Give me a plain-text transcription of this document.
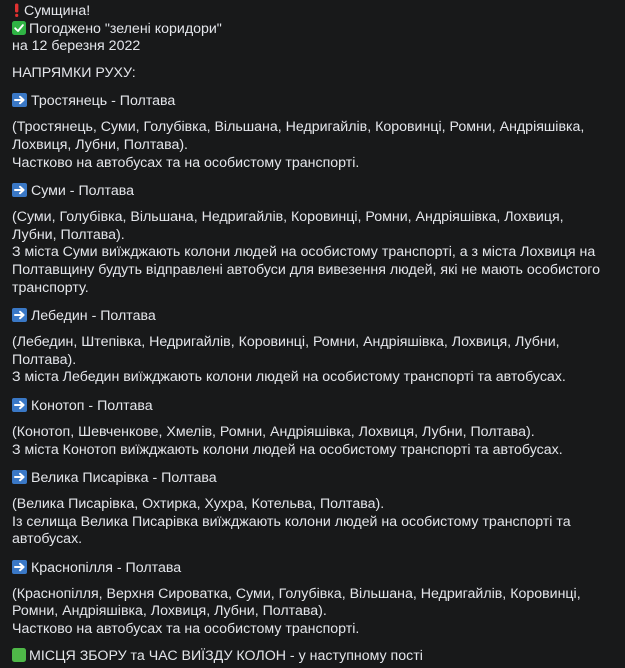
Сумщина!
Погоджено "зелені коридори"
на 12 березня 2022
НАПРЯМКИ РУХУ:
Тростянець - Полтава

(Тростянець, Суми, Голубівка, Вільшана, Недригайлів, Коровинці, Ромни, Андріяшівка,

Лохвиця, Лубни, Полтава).

Частково на автобусах та на особистому транспорті.

Суми - Полтава

(Суми, Голубівка, Вільшана, Недригайлів, Коровинці, Ромни, Андріяшівка, Лохвиця,

Лубни, Полтава).

З міста Суми виїжджають колони людей на особистому транспорті, а з міста Лохвиця на

Полтавщину будуть відправлені автобуси для вивезення людей, які не мають особистого

транспорту.

Лебедин - Полтава

(Лебедин, Штепівка, Недригайлів, Коровинці, Ромни, Андріяшівка, Лохвиця, Лубни,

Полтава).

З міста Лебедин виїжджають колони людей на особистому транспорті та автобусах.

Конотоп - Полтава

(Конотоп, Шевченкове, Хмелів, Ромни, Андріяшівка, Лохвиця, Лубни, Полтава).

З міста Конотоп виїжджають колони людей на особистому транспорті та автобусах.

Велика Писарівка - Полтава

(Велика Писарівка, Охтирка, Хухра, Котельва, Полтава).

Із селища Велика Писарівка виїжджають колони людей на особистому транспорті та

автобусах.

Краснопілля - Полтава

(Краснопілля, Верхня Сироватка, Суми, Голубівка, Вільшана, Недригайлів, Коровинці,

Ромни, Андріяшівка, Лохвиця, Лубни, Полтава).

Частково на автобусах та на особистому транспорті.

МІСЦЯ ЗБОРУ та ЧАС ВИЇЗДУ КОЛОН - у наступному пості
